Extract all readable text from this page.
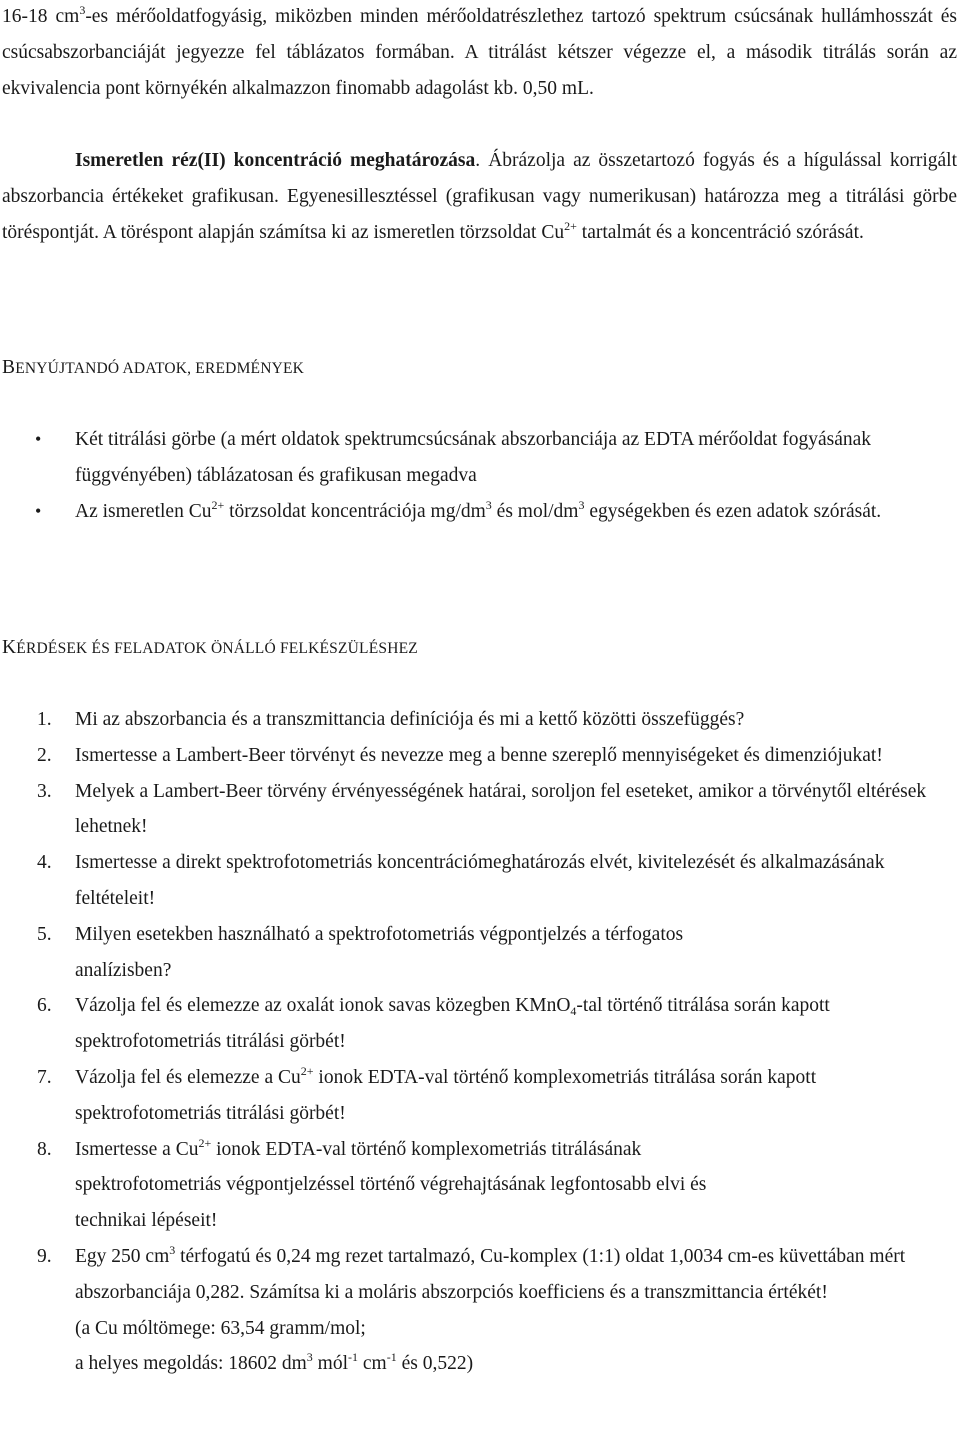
16-18 $cm^3-es$ mérőoldatfogyásig, miközben minden mérőoldatrészlethez tartozó spektrum csúcsának hullámhosszát és csúcsabszorbanciáját jegyezze fel táblázatos formában. A titrálást kétszer végezze el, a második titrálás során az ekvivalencia pont környékén alkalmazzon finomabb adagolást kb. 0,50 mL.

Ismeretlen réz(II) koncentráció meghatározása. Ábrázolja az összetartozó fogyás és a hígulással korrigált abszorbancia értékeket grafikusan. Egyenesillesztéssel (grafikusan vagy numerikusan) határozza meg a titrálási görbe töréspontját. A töréspont alapján számítsa ki az ismeretlen törzsoldat $Cu^{2+}$ tartalmát és a koncentráció szórását.

BENYÚJTANDÓ ADATOK, EREDMÉNYEK

• Két titrálási görbe (a mért oldatok spektrumcsúcsának abszorbanciája az EDTA mérőoldat fogyásának függvényében) táblázatosan és grafikusan megadva
• Az ismeretlen $Cu^{2+}$ törzsoldat koncentrációja $mg/dm^3$ és mol/$dm^3$ egységekben és ezen adatok szórását.

KÉRDÉSEK ÉS FELADATOK ÖNÁLLÓ FELKÉSZÜLÉSHEZ

1. Mi az abszorbancia és a transzmittancia definíciója és mi a kettő közötti összefüggés?
2. Ismertesse a Lambert-Beer törvényt és nevezze meg a benne szereplő mennyiségeket és dimenziójukat!
3. Melyek a Lambert-Beer törvény érvényességének határai, soroljon fel eseteket, amikor a törvénytől eltérések lehetnek!
4. Ismertesse a direkt spektrofotometriás koncentrációmeghatározás elvét, kivitelezését és alkalmazásának feltételeit!
5. Milyen esetekben használható a spektrofotometriás végpontjelzés a térfogatos
analízisben?
6. Vázolja fel és elemezze az oxalát ionok savas közegben KMnO$_4$-tal történő titrálása során kapott spektrofotometriás titrálási görbét!
7. Vázolja fel és elemezze a $Cu^{2+}$ ionok EDTA-val történő komplexometriás titrálása során kapott spektrofotometriás titrálási görbét!
8. Ismertesse a $Cu^{2+}$ ionok EDTA-val történő komplexometriás titrálásának
spektrofotometriás végpontjelzéssel történő végrehajtásának legfontosabb elvi és
technikai lépéseit!
9. Egy 250 $cm^3$ térfogatú és 0,24 mg rezet tartalmazó, Cu-komplex (1:1) oldat 1,0034 cm-es küvettában mért abszorbanciája 0,282. Számítsa ki a moláris abszorpciós koefficiens és a transzmittancia értékét!
(a Cu móltömege: 63,54 gramm/mol;
a helyes megoldás: 18602 $dm^3$ mól$^{-1}$ $cm^{-1}$ és 0,522)
